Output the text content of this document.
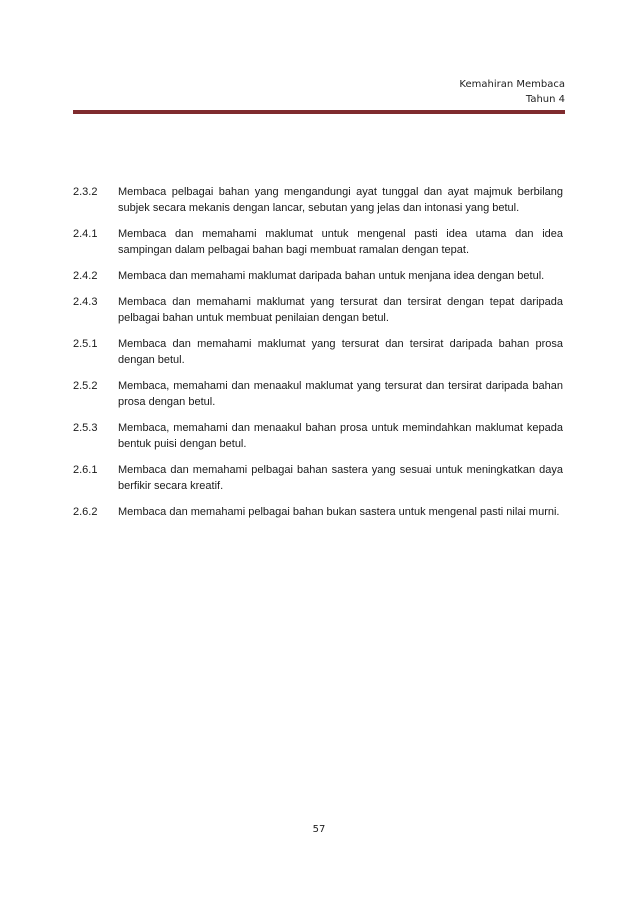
Kemahiran Membaca
Tahun 4
2.3.2	Membaca pelbagai bahan yang mengandungi ayat tunggal dan ayat majmuk berbilang subjek secara mekanis dengan lancar, sebutan yang jelas dan intonasi yang betul.
2.4.1	Membaca dan memahami maklumat untuk mengenal pasti idea utama dan idea sampingan dalam pelbagai bahan bagi membuat ramalan dengan tepat.
2.4.2	Membaca dan memahami maklumat daripada bahan untuk menjana idea dengan betul.
2.4.3	Membaca dan memahami maklumat yang tersurat dan tersirat dengan tepat daripada pelbagai bahan untuk membuat penilaian dengan betul.
2.5.1	Membaca dan memahami maklumat yang tersurat dan tersirat daripada bahan prosa dengan betul.
2.5.2	Membaca, memahami dan menaakul maklumat yang tersurat dan tersirat daripada bahan prosa dengan betul.
2.5.3	Membaca, memahami dan menaakul bahan prosa untuk memindahkan maklumat kepada bentuk puisi dengan betul.
2.6.1	Membaca dan memahami pelbagai bahan sastera yang sesuai untuk meningkatkan daya berfikir secara kreatif.
2.6.2	Membaca dan memahami pelbagai bahan bukan sastera untuk mengenal pasti nilai murni.
57
